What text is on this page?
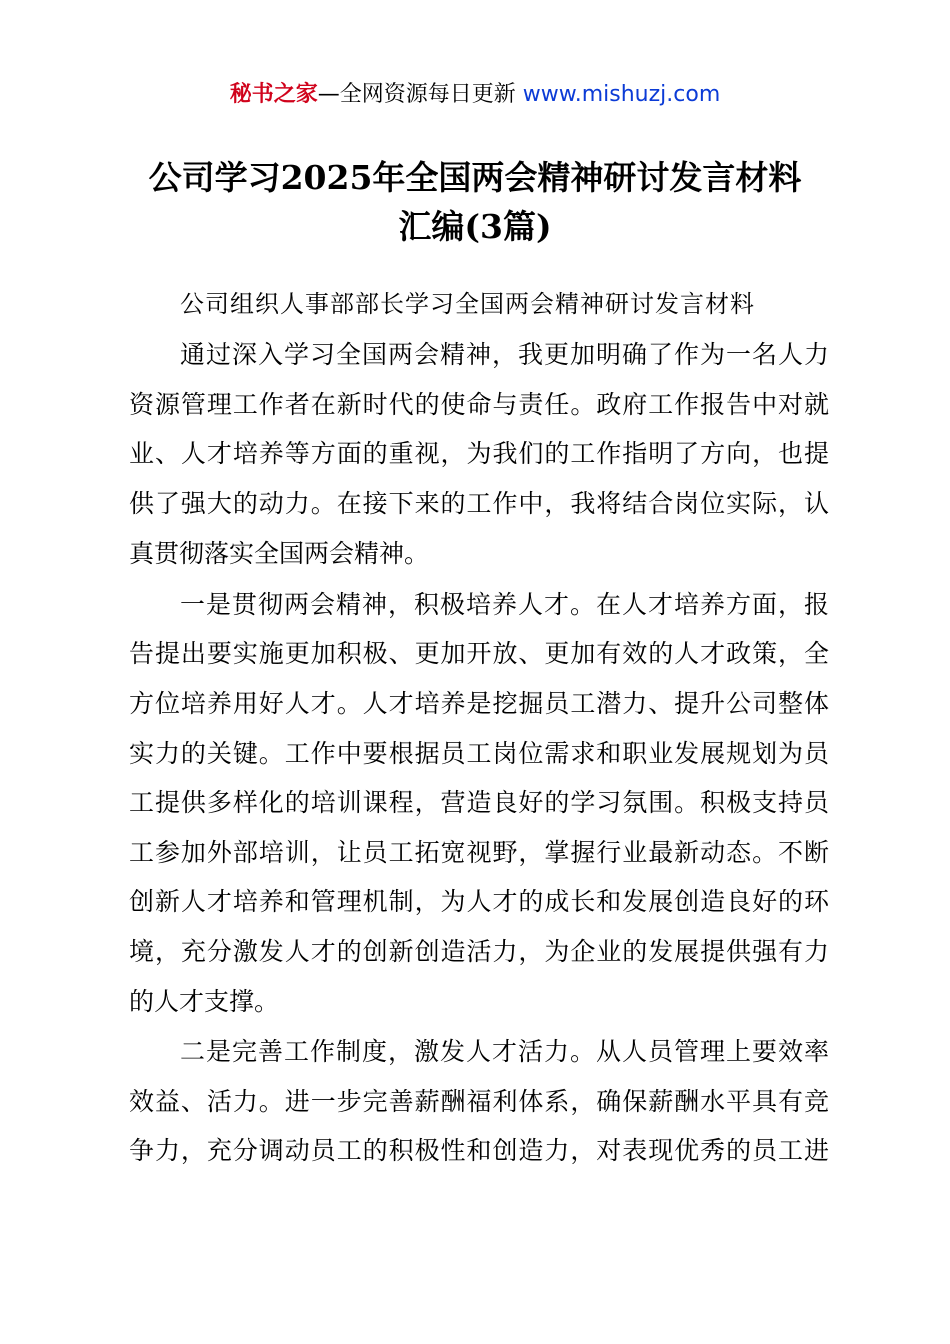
秘书之家—全网资源每日更新 www.mishuzj.com
公司学习2025年全国两会精神研讨发言材料
汇编(3篇)
公司组织人事部部长学习全国两会精神研讨发言材料
通过深入学习全国两会精神，我更加明确了作为一名人力
资源管理工作者在新时代的使命与责任。政府工作报告中对就
业、人才培养等方面的重视，为我们的工作指明了方向，也提
供了强大的动力。在接下来的工作中，我将结合岗位实际，认
真贯彻落实全国两会精神。
一是贯彻两会精神，积极培养人才。在人才培养方面，报
告提出要实施更加积极、更加开放、更加有效的人才政策，全
方位培养用好人才。人才培养是挖掘员工潜力、提升公司整体
实力的关键。工作中要根据员工岗位需求和职业发展规划为员
工提供多样化的培训课程，营造良好的学习氛围。积极支持员
工参加外部培训，让员工拓宽视野，掌握行业最新动态。不断
创新人才培养和管理机制，为人才的成长和发展创造良好的环
境，充分激发人才的创新创造活力，为企业的发展提供强有力
的人才支撑。
二是完善工作制度，激发人才活力。从人员管理上要效率
效益、活力。进一步完善薪酬福利体系，确保薪酬水平具有竞
争力，充分调动员工的积极性和创造力，对表现优秀的员工进
